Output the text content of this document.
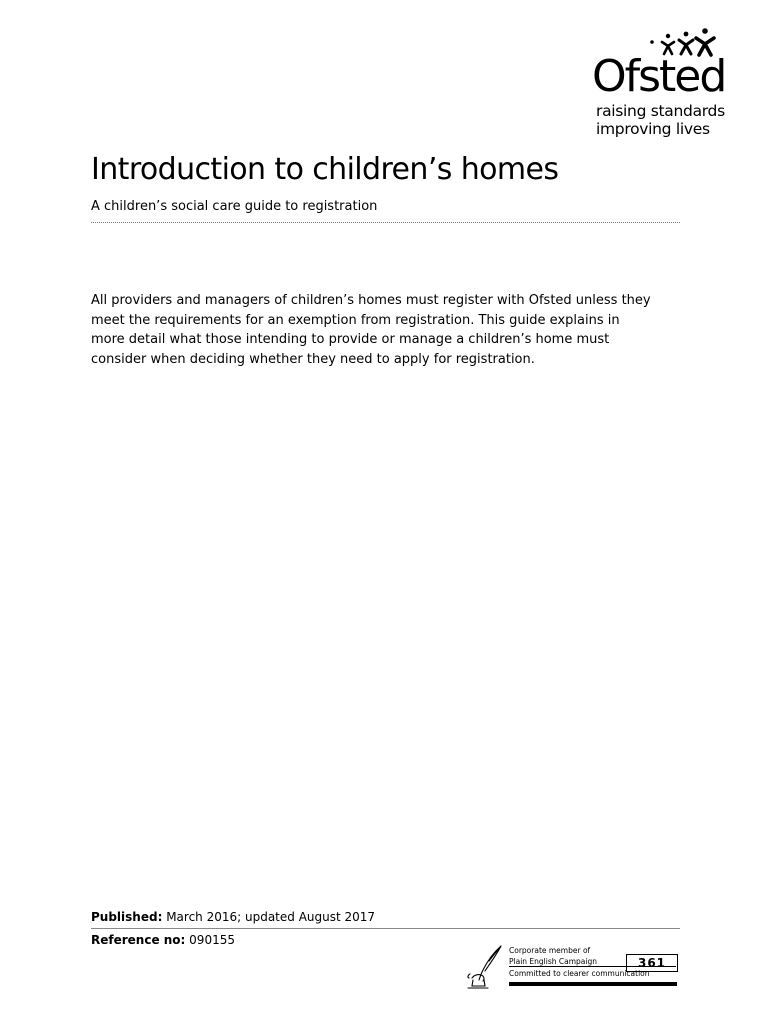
Ofsted
raising standards
improving lives
Introduction to children’s homes
A children’s social care guide to registration

All providers and managers of children’s homes must register with Ofsted unless they
meet the requirements for an exemption from registration. This guide explains in
more detail what those intending to provide or manage a children’s home must
consider when deciding whether they need to apply for registration.

Published: March 2016; updated August 2017
Reference no: 090155
Corporate member of
Plain English Campaign
Committed to clearer communication
361
